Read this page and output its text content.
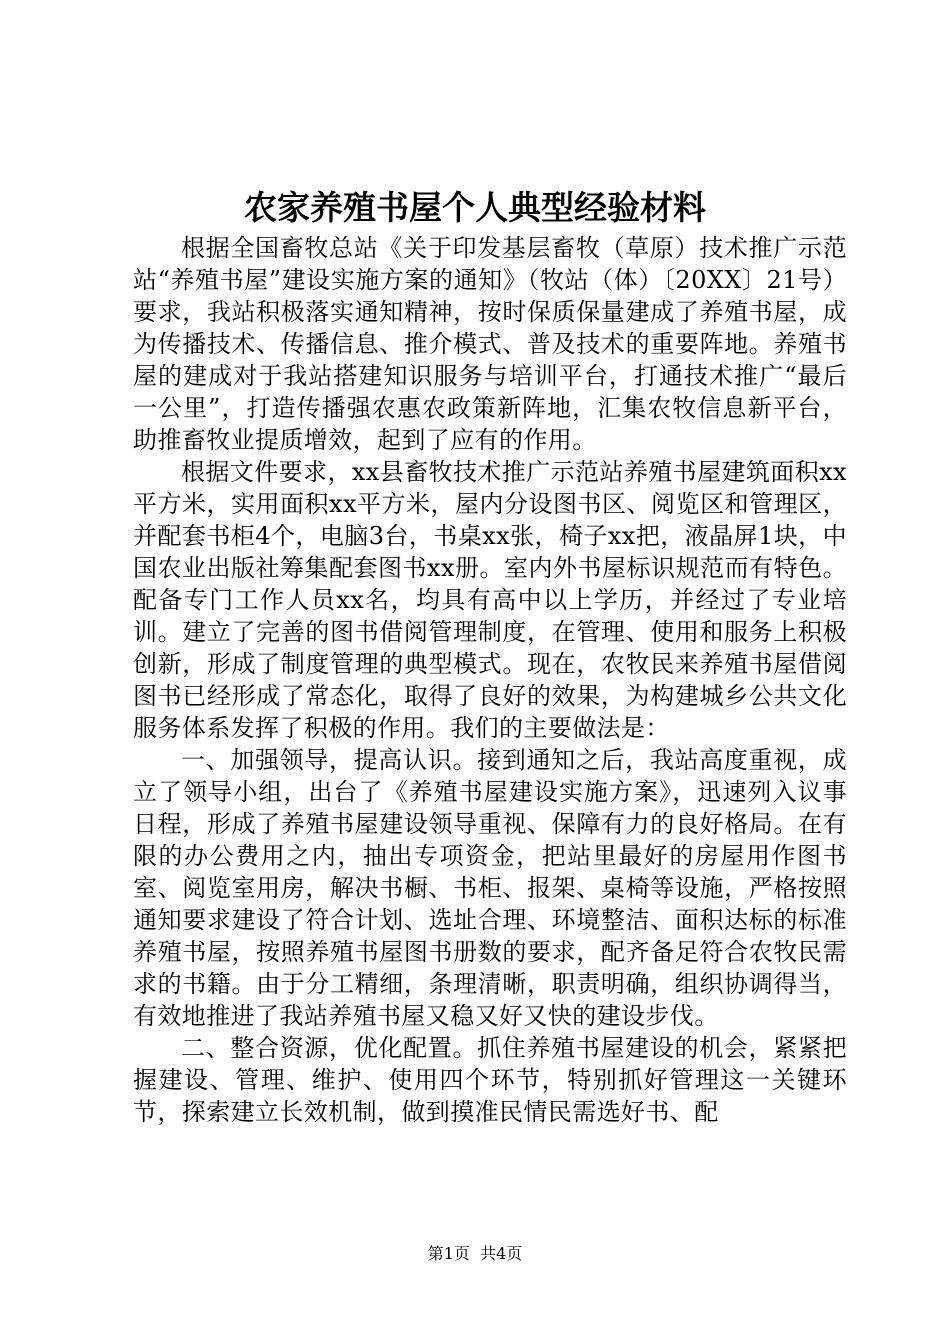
农家养殖书屋个人典型经验材料

根据全国畜牧总站《关于印发基层畜牧（草原）技术推广示范站“养殖书屋”建设实施方案的通知》（牧站（体）〔20XX〕21号）要求，我站积极落实通知精神，按时保质保量建成了养殖书屋，成为传播技术、传播信息、推介模式、普及技术的重要阵地。养殖书屋的建成对于我站搭建知识服务与培训平台，打通技术推广“最后一公里”，打造传播强农惠农政策新阵地，汇集农牧信息新平台，助推畜牧业提质增效，起到了应有的作用。

根据文件要求，xx县畜牧技术推广示范站养殖书屋建筑面积xx平方米，实用面积xx平方米，屋内分设图书区、阅览区和管理区，并配套书柜4个，电脑3台，书桌xx张，椅子xx把，液晶屏1块，中国农业出版社筹集配套图书xx册。室内外书屋标识规范而有特色。配备专门工作人员xx名，均具有高中以上学历，并经过了专业培训。建立了完善的图书借阅管理制度，在管理、使用和服务上积极创新，形成了制度管理的典型模式。现在，农牧民来养殖书屋借阅图书已经形成了常态化，取得了良好的效果，为构建城乡公共文化服务体系发挥了积极的作用。我们的主要做法是：

一、加强领导，提高认识。接到通知之后，我站高度重视，成立了领导小组，出台了《养殖书屋建设实施方案》，迅速列入议事日程，形成了养殖书屋建设领导重视、保障有力的良好格局。在有限的办公费用之内，抽出专项资金，把站里最好的房屋用作图书室、阅览室用房，解决书橱、书柜、报架、桌椅等设施，严格按照通知要求建设了符合计划、选址合理、环境整洁、面积达标的标准养殖书屋，按照养殖书屋图书册数的要求，配齐备足符合农牧民需求的书籍。由于分工精细，条理清晰，职责明确，组织协调得当，有效地推进了我站养殖书屋又稳又好又快的建设步伐。

二、整合资源，优化配置。抓住养殖书屋建设的机会，紧紧把握建设、管理、维护、使用四个环节，特别抓好管理这一关键环节，探索建立长效机制，做到摸准民情民需选好书、配

第1页 共4页
